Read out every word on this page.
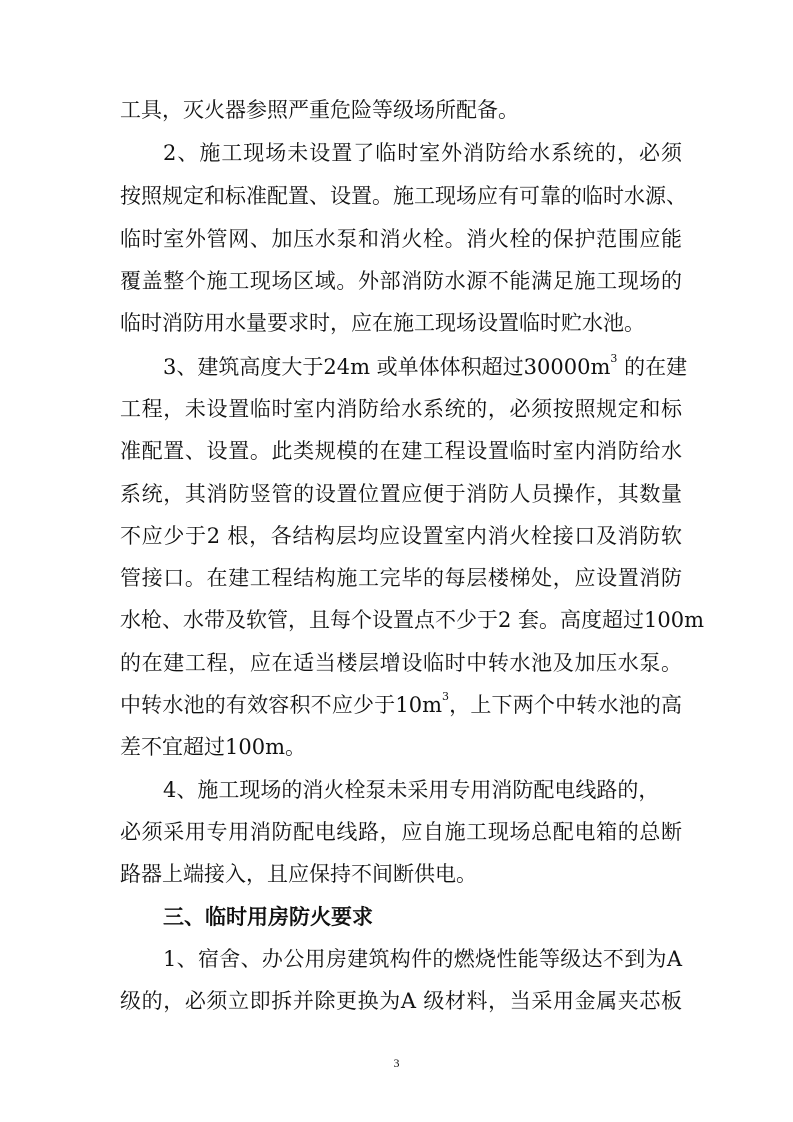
工具，灭火器参照严重危险等级场所配备。
2、施工现场未设置了临时室外消防给水系统的，必须
按照规定和标准配置、设置。施工现场应有可靠的临时水源、
临时室外管网、加压水泵和消火栓。消火栓的保护范围应能
覆盖整个施工现场区域。外部消防水源不能满足施工现场的
临时消防用水量要求时，应在施工现场设置临时贮水池。
3、建筑高度大于24m 或单体体积超过$30000m^3$ 的在建
工程，未设置临时室内消防给水系统的，必须按照规定和标
准配置、设置。此类规模的在建工程设置临时室内消防给水
系统，其消防竖管的设置位置应便于消防人员操作，其数量
不应少于2 根，各结构层均应设置室内消火栓接口及消防软
管接口。在建工程结构施工完毕的每层楼梯处，应设置消防
水枪、水带及软管，且每个设置点不少于2 套。高度超过100m
的在建工程，应在适当楼层增设临时中转水池及加压水泵。
中转水池的有效容积不应少于$10m^3$，上下两个中转水池的高
差不宜超过100m。
4、施工现场的消火栓泵未采用专用消防配电线路的，
必须采用专用消防配电线路，应自施工现场总配电箱的总断
路器上端接入，且应保持不间断供电。
三、临时用房防火要求
1、宿舍、办公用房建筑构件的燃烧性能等级达不到为A
级的，必须立即拆并除更换为A 级材料，当采用金属夹芯板
3
